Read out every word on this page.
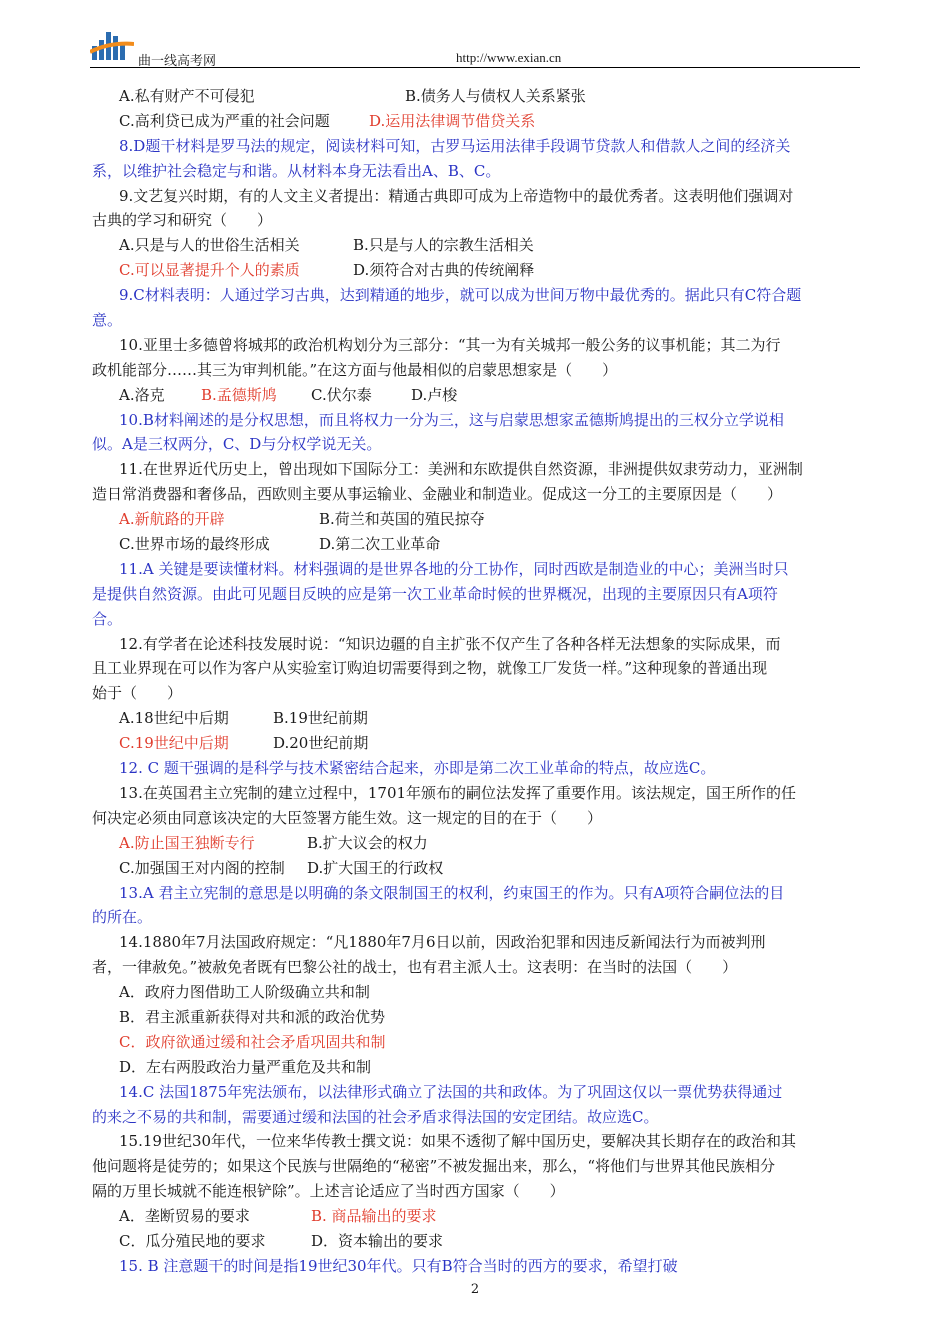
曲一线高考网	http://www.exian.cn
A.私有财产不可侵犯	B.债务人与债权人关系紧张
C.高利贷已成为严重的社会问题	D.运用法律调节借贷关系
8.D题干材料是罗马法的规定，阅读材料可知，古罗马运用法律手段调节贷款人和借款人之间的经济关
系，以维护社会稳定与和谐。从材料本身无法看出A、B、C。
9.文艺复兴时期，有的人文主义者提出：精通古典即可成为上帝造物中的最优秀者。这表明他们强调对
古典的学习和研究（　　）
A.只是与人的世俗生活相关	B.只是与人的宗教生活相关
C.可以显著提升个人的素质	D.须符合对古典的传统阐释
9.C材料表明：人通过学习古典，达到精通的地步，就可以成为世间万物中最优秀的。据此只有C符合题
意。
10.亚里士多德曾将城邦的政治机构划分为三部分：“其一为有关城邦一般公务的议事机能；其二为行
政机能部分……其三为审判机能。”在这方面与他最相似的启蒙思想家是（　　）
A.洛克 B.孟德斯鸠 C.伏尔泰	D.卢梭
10.B材料阐述的是分权思想，而且将权力一分为三，这与启蒙思想家孟德斯鸠提出的三权分立学说相
似。A是三权两分，C、D与分权学说无关。
11.在世界近代历史上，曾出现如下国际分工：美洲和东欧提供自然资源，非洲提供奴隶劳动力，亚洲制
造日常消费器和奢侈品，西欧则主要从事运输业、金融业和制造业。促成这一分工的主要原因是（　　）
A.新航路的开辟	B.荷兰和英国的殖民掠夺
C.世界市场的最终形成	D.第二次工业革命
11.A 关键是要读懂材料。材料强调的是世界各地的分工协作，同时西欧是制造业的中心；美洲当时只
是提供自然资源。由此可见题目反映的应是第一次工业革命时候的世界概况，出现的主要原因只有A项符
合。
12.有学者在论述科技发展时说：“知识边疆的自主扩张不仅产生了各种各样无法想象的实际成果，而
且工业界现在可以作为客户从实验室订购迫切需要得到之物，就像工厂发货一样。”这种现象的普通出现
始于（　　）
A.18世纪中后期	B.19世纪前期
C.19世纪中后期	D.20世纪前期
12. C 题干强调的是科学与技术紧密结合起来，亦即是第二次工业革命的特点，故应选C。
13.在英国君主立宪制的建立过程中，1701年颁布的嗣位法发挥了重要作用。该法规定，国王所作的任
何决定必须由同意该决定的大臣签署方能生效。这一规定的目的在于（　　）
A.防止国王独断专行	B.扩大议会的权力
C.加强国王对内阁的控制 D.扩大国王的行政权
13.A 君主立宪制的意思是以明确的条文限制国王的权利，约束国王的作为。只有A项符合嗣位法的目
的所在。
14.1880年7月法国政府规定：“凡1880年7月6日以前，因政治犯罪和因违反新闻法行为而被判刑
者，一律赦免。”被赦免者既有巴黎公社的战士，也有君主派人士。这表明：在当时的法国（　　）
A．政府力图借助工人阶级确立共和制
B．君主派重新获得对共和派的政治优势
C．政府欲通过缓和社会矛盾巩固共和制
D．左右两股政治力量严重危及共和制
14.C 法国1875年宪法颁布，以法律形式确立了法国的共和政体。为了巩固这仅以一票优势获得通过
的来之不易的共和制，需要通过缓和法国的社会矛盾求得法国的安定团结。故应选C。
15.19世纪30年代，一位来华传教士撰文说：如果不透彻了解中国历史，要解决其长期存在的政治和其
他问题将是徒劳的；如果这个民族与世隔绝的“秘密”不被发掘出来，那么，“将他们与世界其他民族相分
隔的万里长城就不能连根铲除”。上述言论适应了当时西方国家（　　）
A．垄断贸易的要求	B. 商品输出的要求
C．瓜分殖民地的要求	D．资本输出的要求
15. B 注意题干的时间是指19世纪30年代。只有B符合当时的西方的要求，希望打破
2
